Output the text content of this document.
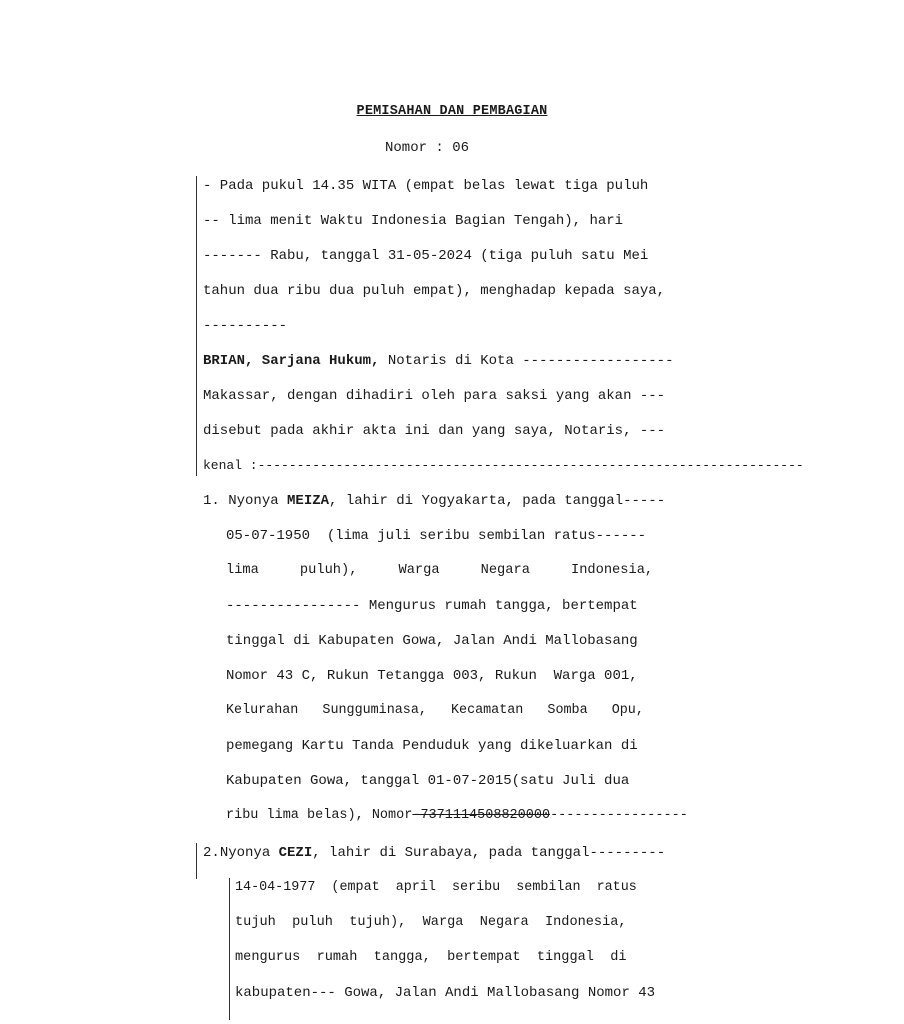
PEMISAHAN DAN PEMBAGIAN
Nomor : 06
- Pada pukul 14.35 WITA (empat belas lewat tiga puluh
-- lima menit Waktu Indonesia Bagian Tengah), hari
------- Rabu, tanggal 31-05-2024 (tiga puluh satu Mei
tahun dua ribu dua puluh empat), menghadap kepada saya,
----------
BRIAN, Sarjana Hukum, Notaris di Kota ------------------
Makassar, dengan dihadiri oleh para saksi yang akan ---
disebut pada akhir akta ini dan yang saya, Notaris, ---
kenal :----------------------------------------------------------------------
1. Nyonya MEIZA, lahir di Yogyakarta, pada tanggal-----
05-07-1950  (lima juli seribu sembilan ratus------
lima     puluh),     Warga     Negara     Indonesia,
---------------- Mengurus rumah tangga, bertempat
tinggal di Kabupaten Gowa, Jalan Andi Mallobasang
Nomor 43 C, Rukun Tetangga 003, Rukun  Warga 001,
Kelurahan   Sungguminasa,   Kecamatan   Somba   Opu,
pemegang Kartu Tanda Penduduk yang dikeluarkan di
Kabupaten Gowa, tanggal 01-07-2015(satu Juli dua
ribu lima belas), Nomor-7371114508820000-----------------
2.Nyonya CEZI, lahir di Surabaya, pada tanggal---------
14-04-1977  (empat  april  seribu  sembilan  ratus
tujuh  puluh  tujuh),  Warga  Negara  Indonesia,
mengurus  rumah  tangga,  bertempat  tinggal  di
kabupaten--- Gowa, Jalan Andi Mallobasang Nomor 43
